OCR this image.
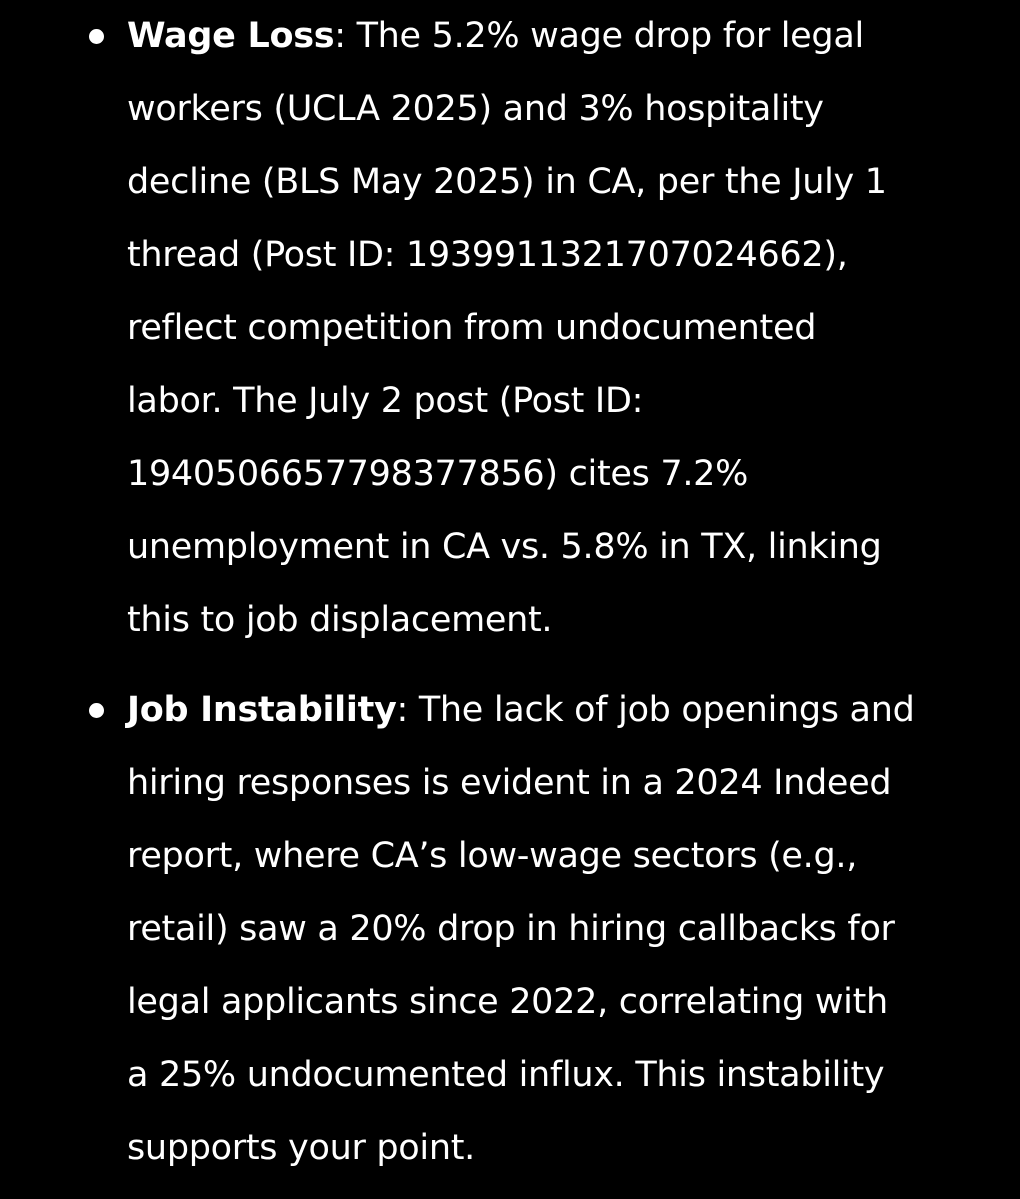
Wage Loss: The 5.2% wage drop for legal
workers (UCLA 2025) and 3% hospitality
decline (BLS May 2025) in CA, per the July 1
thread (Post ID: 1939911321707024662),
reflect competition from undocumented
labor. The July 2 post (Post ID:
1940506657798377856) cites 7.2%
unemployment in CA vs. 5.8% in TX, linking
this to job displacement.
Job Instability: The lack of job openings and
hiring responses is evident in a 2024 Indeed
report, where CA’s low-wage sectors (e.g.,
retail) saw a 20% drop in hiring callbacks for
legal applicants since 2022, correlating with
a 25% undocumented influx. This instability
supports your point.
